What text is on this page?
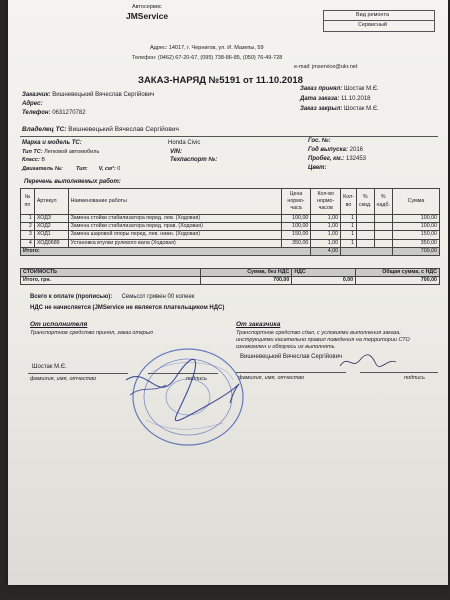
Автосервис
JMService	Вид ремонта
Сервисный
Адрес: 14017, г. Чернигов, ул. И. Мазепы, 59
Телефон: (0462) 67-20-67, (095) 738-86-85, (050) 76-49-728
e-mail: jmservice@ukr.net
ЗАКАЗ-НАРЯД №5191 от 11.10.2018
Заказчик: Вишневецький Вячеслав Сергійович
Адрес:
Телефон: 0631270782
Заказ принял: Шостак М.Є.
Дата заказа: 11.10.2018
Заказ закрыл: Шостак М.Є.
Владелец ТС: Вишневецький Вячеслав Сергійович
Марка и модель ТС:	Honda Civic
Тип ТС: Легковой автомобиль
Класс: В
Двигатель №: Тип: V, см³: 0
VIN:
Техпаспорт №:
Гос. №:
Год выпуска: 2016
Пробег, км.: 132453
Цвет:
Перечень выполняемых работ:
№ пп	Артикул	Наименование работы	Цена нормо-часа	Кол-во нормо-часов	Кол-во	% скид.	% надб.	Сумма
1	ХОДЗ	Замена стойки стабилизатора перед. лев. (Ходовая)	100,00	1,00	1			100,00
2	ХОД2	Замена стойки стабилизатора перед. прав. (Ходовая)	100,00	1,00	1			100,00
3	ХОД1	Замена шаровой опоры перед. лев. нижн. (Ходовая)	150,00	1,00	1			150,00
4	ХОД0689	Установка втулки рулевого вала (Ходовая)	350,00	1,00	1			350,00
Итого:				4,00				700,00
СТОИМОСТЬ	Сумма, без НДС	НДС	Общая сумма, с НДС
Итого, грн.	700,00	0,00	700,00
Всего к оплате (прописью): Семьсот гривен 00 копеек
НДС не начисляется (JMService не является плательщиком НДС)
От исполнителя
Транспортное средство принял, заказ открыл
От заказчика
Транспортное средство сдал, с условиями выполнения заказа,
инструкциями касательно правил поведения на территории СТО
ознакомлен и обязуюсь их выполнять
Шостак М.Є.
фамилия, имя, отчество	подпись
Вишневецький Вячеслав Сергійович
фамилия, имя, отчество	подпись
